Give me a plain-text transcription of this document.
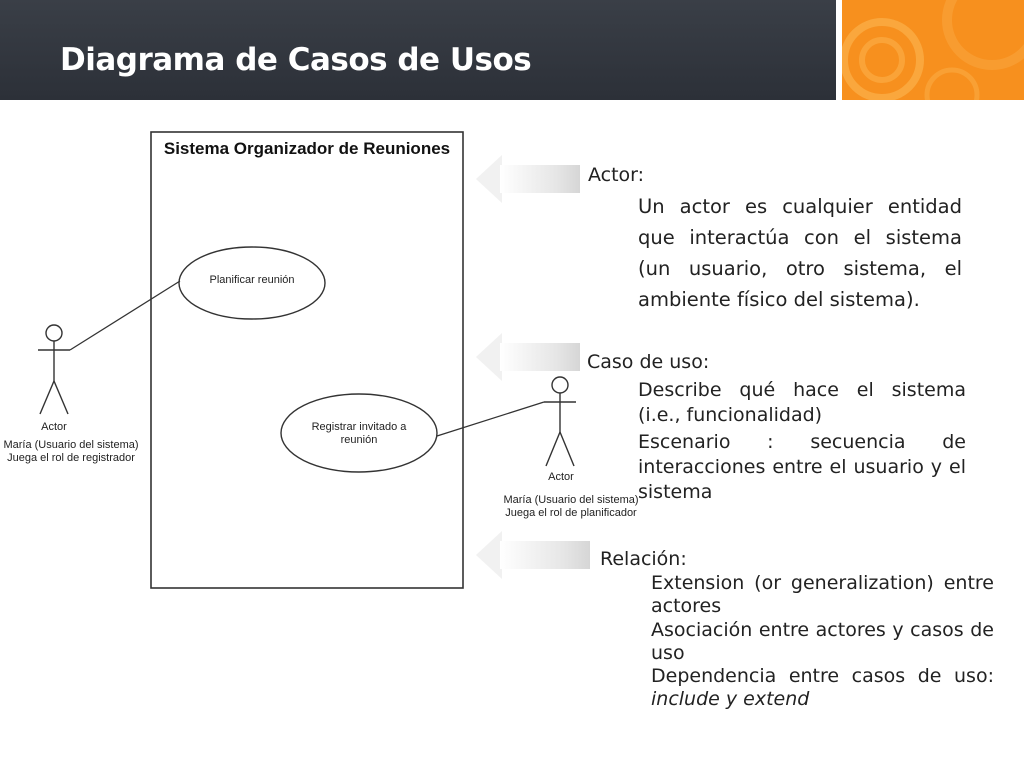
Diagrama de Casos de Usos
Sistema Organizador de Reuniones
Planificar reunión
Registrar invitado a reunión
Actor
María (Usuario del sistema) Juega el rol de registrador
Actor
María (Usuario del sistema) Juega el rol de planificador
Actor:
Un actor es cualquier entidad que interactúa con el sistema (un usuario, otro sistema, el ambiente físico del sistema).
Caso de uso:
Describe qué hace el sistema (i.e., funcionalidad)
Escenario : secuencia de interacciones entre el usuario y el sistema
Relación:
Extension (or generalization) entre actores
Asociación entre actores y casos de uso
Dependencia entre casos de uso: include y extend
